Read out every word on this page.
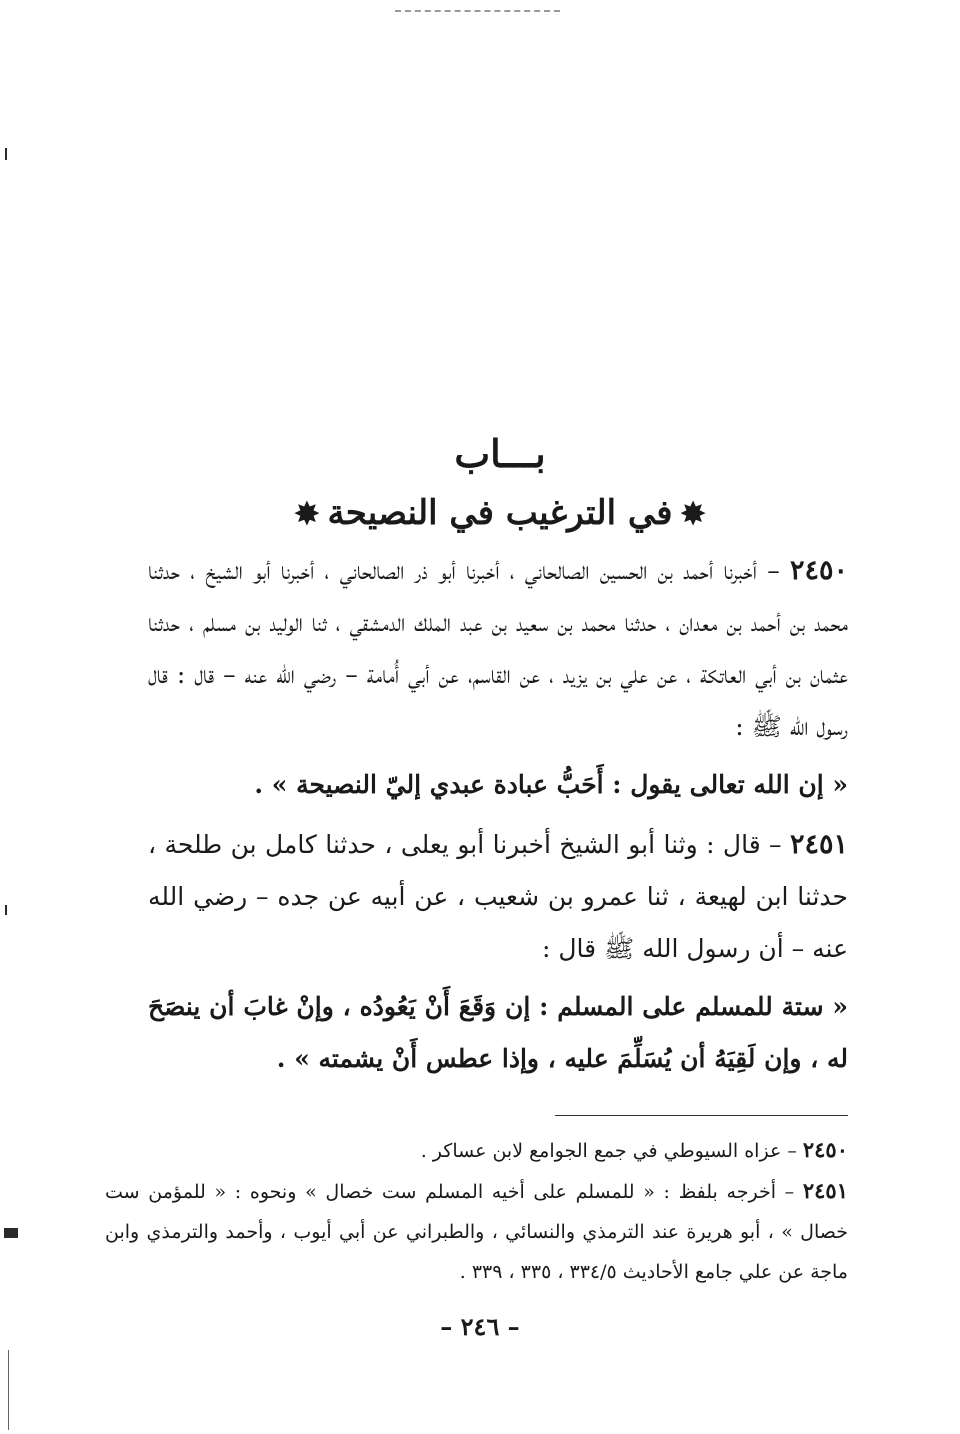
بـــاب
✸في الترغيب في النصيحة✸

٢٤٥٠ – أخبرنا أحمد بن الحسين الصالحاني ، أخبرنا أبو ذر الصالحاني ، أخبرنا أبو الشيخ ، حدثنا محمد بن أحمد بن معدان ، حدثنا محمد بن سعيد بن عبد الملك الدمشقي ، ثنا الوليد بن مسلم ، حدثنا عثمان بن أبي العاتكة ، عن علي بن يزيد ، عن القاسم، عن أبي أُمامة – رضي الله عنه – قال : قال رسول الله ﷺ :

« إن الله تعالى يقول : أَحَبُّ عبادة عبدي إليّ النصيحة » .

٢٤٥١ – قال : وثنا أبو الشيخ أخبرنا أبو يعلى ، حدثنا كامل بن طلحة ، حدثنا ابن لهيعة ، ثنا عمرو بن شعيب ، عن أبيه عن جده – رضي الله عنه – أن رسول الله ﷺ قال :

« ستة للمسلم على المسلم : إن وَقَعَ أَنْ يَعُودُه ، وإنْ غابَ أن ينصَحَ له ، وإن لَقِيَهُ أن يُسَلِّمَ عليه ، وإذا عطس أَنْ يشمته » .

٢٤٥٠ – عزاه السيوطي في جمع الجوامع لابن عساكر .

٢٤٥١ – أخرجه بلفظ : « للمسلم على أخيه المسلم ست خصال » ونحوه : « للمؤمن ست خصال » ، أبو هريرة عند الترمذي والنسائي ، والطبراني عن أبي أيوب ، وأحمد والترمذي وابن ماجة عن علي جامع الأحاديث ٣٣٤/٥ ، ٣٣٥ ، ٣٣٩ .

– ٢٤٦ –
